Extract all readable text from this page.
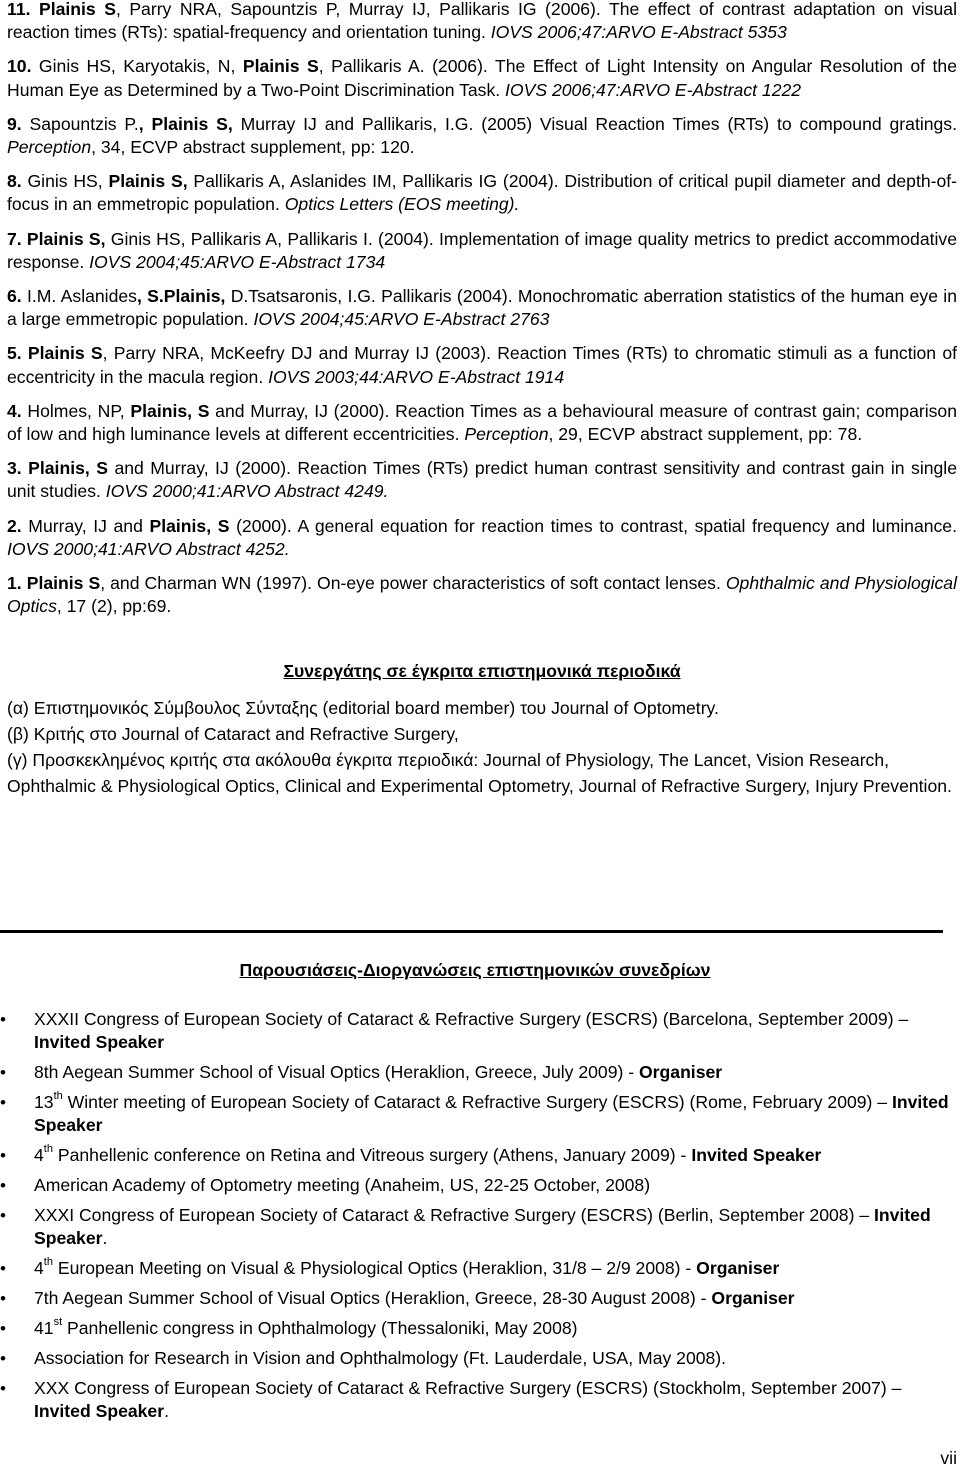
11. Plainis S, Parry NRA, Sapountzis P, Murray IJ, Pallikaris IG (2006). The effect of contrast adaptation on visual reaction times (RTs): spatial-frequency and orientation tuning. IOVS 2006;47:ARVO E-Abstract 5353
10. Ginis HS, Karyotakis, N, Plainis S, Pallikaris A. (2006). The Effect of Light Intensity on Angular Resolution of the Human Eye as Determined by a Two-Point Discrimination Task. IOVS 2006;47:ARVO E-Abstract 1222
9. Sapountzis P., Plainis S, Murray IJ and Pallikaris, I.G. (2005) Visual Reaction Times (RTs) to compound gratings. Perception, 34, ECVP abstract supplement, pp: 120.
8. Ginis HS, Plainis S, Pallikaris A, Aslanides IM, Pallikaris IG (2004). Distribution of critical pupil diameter and depth-of-focus in an emmetropic population. Optics Letters (EOS meeting).
7. Plainis S, Ginis HS, Pallikaris A, Pallikaris I. (2004). Implementation of image quality metrics to predict accommodative response. IOVS 2004;45:ARVO E-Abstract 1734
6. I.M. Aslanides, S.Plainis, D.Tsatsaronis, I.G. Pallikaris (2004). Monochromatic aberration statistics of the human eye in a large emmetropic population. IOVS 2004;45:ARVO E-Abstract 2763
5. Plainis S, Parry NRA, McKeefry DJ and Murray IJ (2003). Reaction Times (RTs) to chromatic stimuli as a function of eccentricity in the macula region. IOVS 2003;44:ARVO E-Abstract 1914
4. Holmes, NP, Plainis, S and Murray, IJ (2000). Reaction Times as a behavioural measure of contrast gain; comparison of low and high luminance levels at different eccentricities. Perception, 29, ECVP abstract supplement, pp: 78.
3. Plainis, S and Murray, IJ (2000). Reaction Times (RTs) predict human contrast sensitivity and contrast gain in single unit studies. IOVS 2000;41:ARVO Abstract 4249.
2. Murray, IJ and Plainis, S (2000). A general equation for reaction times to contrast, spatial frequency and luminance. IOVS 2000;41:ARVO Abstract 4252.
1. Plainis S, and Charman WN (1997). On-eye power characteristics of soft contact lenses. Ophthalmic and Physiological Optics, 17 (2), pp:69.
Συνεργάτης σε έγκριτα επιστημονικά περιοδικά
(α) Επιστημονικός Σύμβουλος Σύνταξης (editorial board member) του Journal of Optometry.
(β) Κριτής στο Journal of Cataract and Refractive Surgery,
(γ) Προσκεκλημένος κριτής στα ακόλουθα έγκριτα περιοδικά: Journal of Physiology, The Lancet, Vision Research, Ophthalmic & Physiological Optics, Clinical and Experimental Optometry, Journal of Refractive Surgery, Injury Prevention.
Παρουσιάσεις-Διοργανώσεις επιστημονικών συνεδρίων
• XXXII Congress of European Society of Cataract & Refractive Surgery (ESCRS) (Barcelona, September 2009) – Invited Speaker
• 8th Aegean Summer School of Visual Optics (Heraklion, Greece, July 2009) - Organiser
• 13th Winter meeting of European Society of Cataract & Refractive Surgery (ESCRS) (Rome, February 2009) – Invited Speaker
• 4th Panhellenic conference on Retina and Vitreous surgery (Athens, January 2009) - Invited Speaker
• American Academy of Optometry meeting (Anaheim, US, 22-25 October, 2008)
• XXXI Congress of European Society of Cataract & Refractive Surgery (ESCRS) (Berlin, September 2008) – Invited Speaker.
• 4th European Meeting on Visual & Physiological Optics (Heraklion, 31/8 – 2/9 2008) - Organiser
• 7th Aegean Summer School of Visual Optics (Heraklion, Greece, 28-30 August 2008) - Organiser
• 41st Panhellenic congress in Ophthalmology (Thessaloniki, May 2008)
• Association for Research in Vision and Ophthalmology (Ft. Lauderdale, USA, May 2008).
• XXX Congress of European Society of Cataract & Refractive Surgery (ESCRS) (Stockholm, September 2007) – Invited Speaker.
vii
